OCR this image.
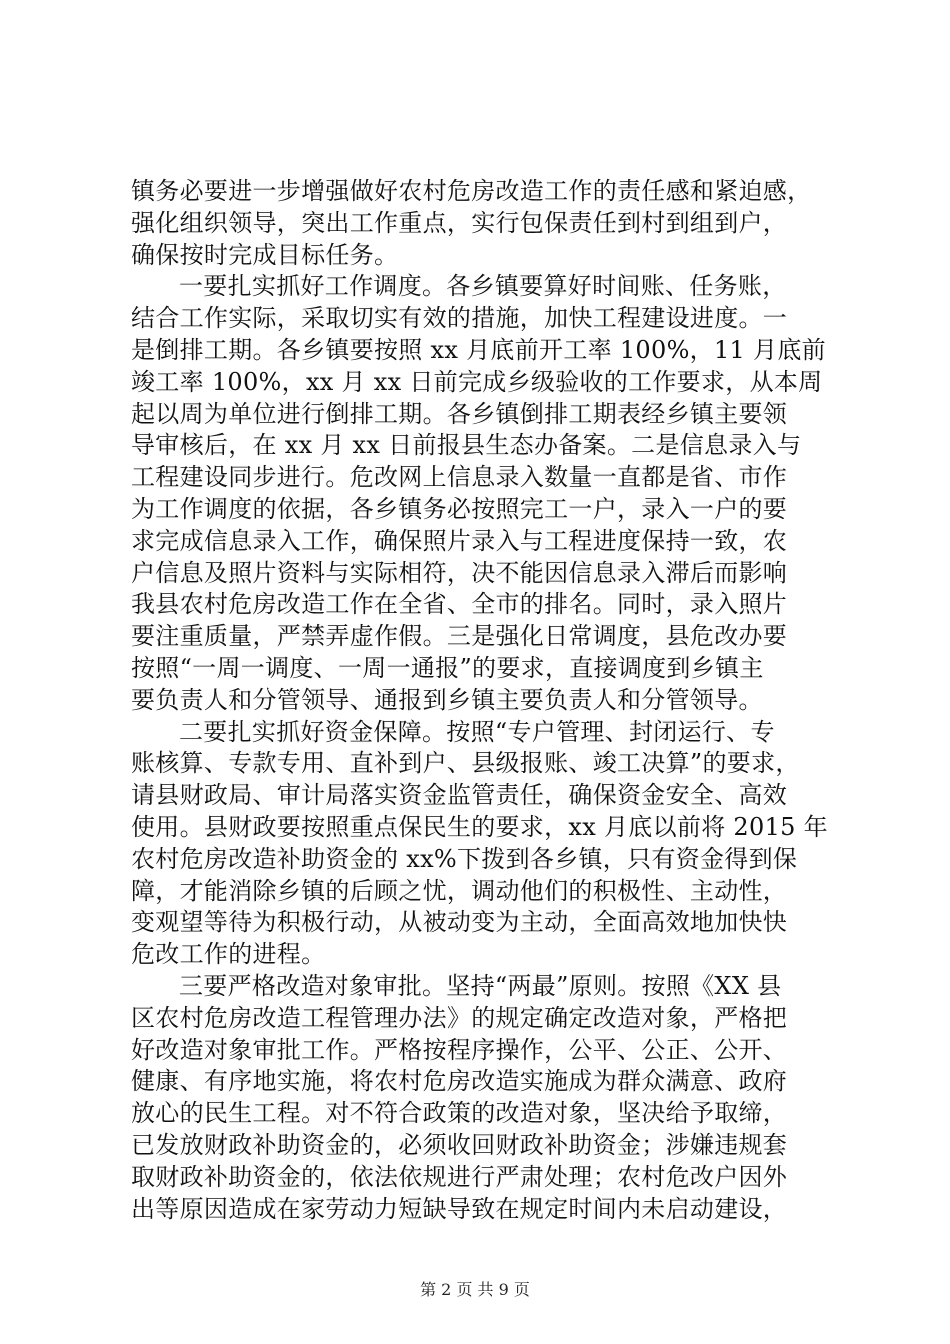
镇务必要进一步增强做好农村危房改造工作的责任感和紧迫感，
强化组织领导，突出工作重点，实行包保责任到村到组到户，
确保按时完成目标任务。
一要扎实抓好工作调度。各乡镇要算好时间账、任务账，
结合工作实际，采取切实有效的措施，加快工程建设进度。一
是倒排工期。各乡镇要按照 xx 月底前开工率 100%，11 月底前
竣工率 100%，xx 月 xx 日前完成乡级验收的工作要求，从本周
起以周为单位进行倒排工期。各乡镇倒排工期表经乡镇主要领
导审核后，在 xx 月 xx 日前报县生态办备案。二是信息录入与
工程建设同步进行。危改网上信息录入数量一直都是省、市作
为工作调度的依据，各乡镇务必按照完工一户，录入一户的要
求完成信息录入工作，确保照片录入与工程进度保持一致，农
户信息及照片资料与实际相符，决不能因信息录入滞后而影响
我县农村危房改造工作在全省、全市的排名。同时，录入照片
要注重质量，严禁弄虚作假。三是强化日常调度，县危改办要
按照“一周一调度、一周一通报”的要求，直接调度到乡镇主
要负责人和分管领导、通报到乡镇主要负责人和分管领导。
二要扎实抓好资金保障。按照“专户管理、封闭运行、专
账核算、专款专用、直补到户、县级报账、竣工决算”的要求，
请县财政局、审计局落实资金监管责任，确保资金安全、高效
使用。县财政要按照重点保民生的要求，xx 月底以前将 2015 年
农村危房改造补助资金的 xx%下拨到各乡镇，只有资金得到保
障，才能消除乡镇的后顾之忧，调动他们的积极性、主动性，
变观望等待为积极行动，从被动变为主动，全面高效地加快快
危改工作的进程。
三要严格改造对象审批。坚持“两最”原则。按照《XX 县
区农村危房改造工程管理办法》的规定确定改造对象，严格把
好改造对象审批工作。严格按程序操作，公平、公正、公开、
健康、有序地实施，将农村危房改造实施成为群众满意、政府
放心的民生工程。对不符合政策的改造对象，坚决给予取缔，
已发放财政补助资金的，必须收回财政补助资金；涉嫌违规套
取财政补助资金的，依法依规进行严肃处理；农村危改户因外
出等原因造成在家劳动力短缺导致在规定时间内未启动建设，
第 2 页 共 9 页
